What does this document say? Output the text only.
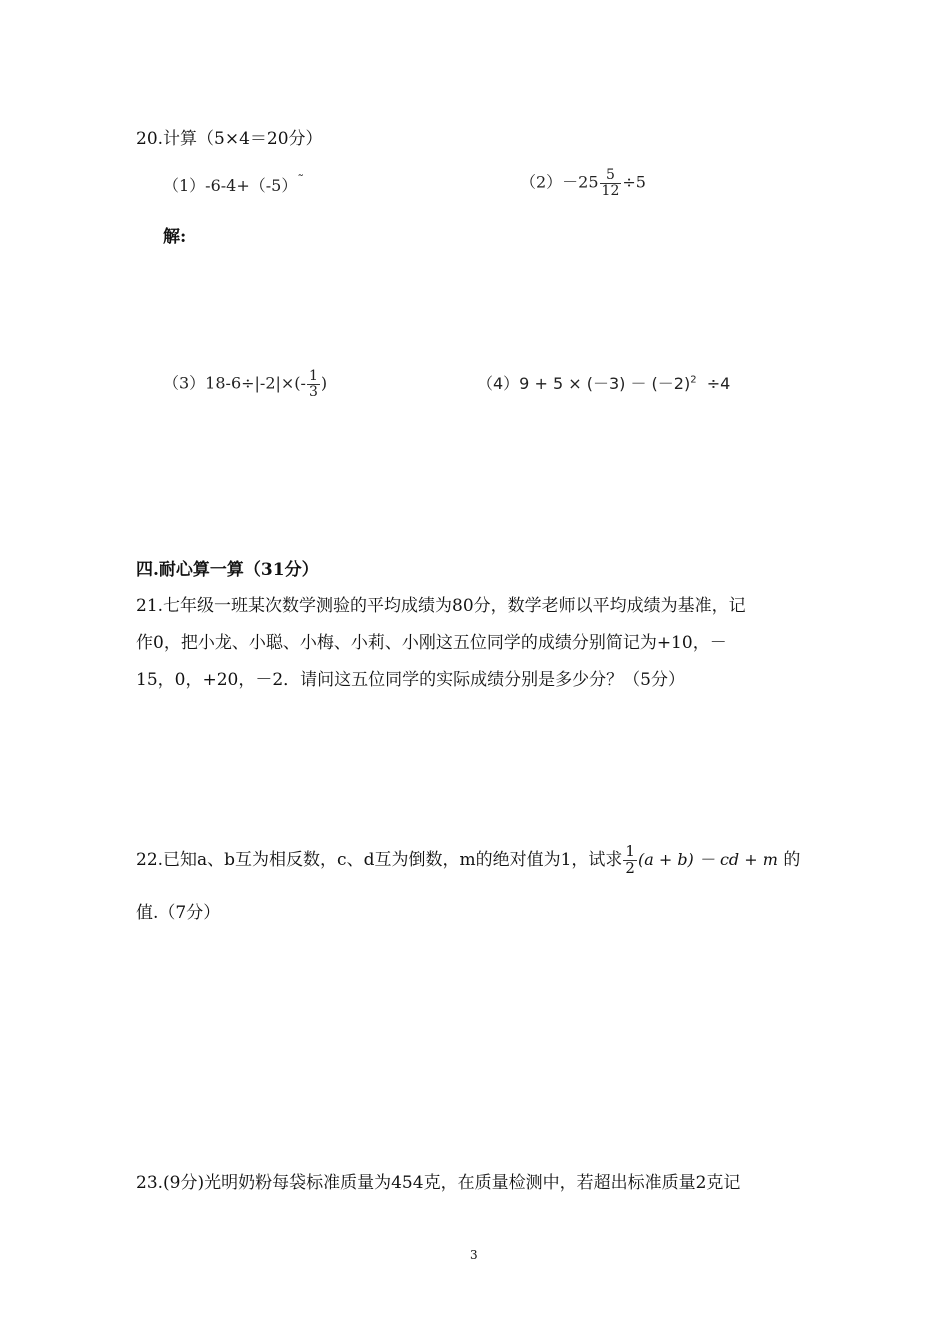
20.计算（5×4＝20分）
（1）-6-4+（-5）˜	$(2)-25 \frac{5}{12} \div 5$
解:
$(3)18-6\div|-2|\times(- \frac{1}{3}$ )	$(4)9 + 5 \times (-3) - (-2)^2 \div 4$
四.耐心算一算（31分）
21.七年级一班某次数学测验的平均成绩为80分，数学老师以平均成绩为基准，记
作0，把小龙、小聪、小梅、小莉、小刚这五位同学的成绩分别简记为+10，－
15，0，+20，－2．请问这五位同学的实际成绩分别是多少分？（5分）
22.已知a、b互为相反数，c、d互为倒数，m的绝对值为1，试求 $\frac{1}{2} (a + b)$ － cd + m 的
值.（7分）
23.(9分)光明奶粉每袋标准质量为454克，在质量检测中，若超出标准质量2克记
3
